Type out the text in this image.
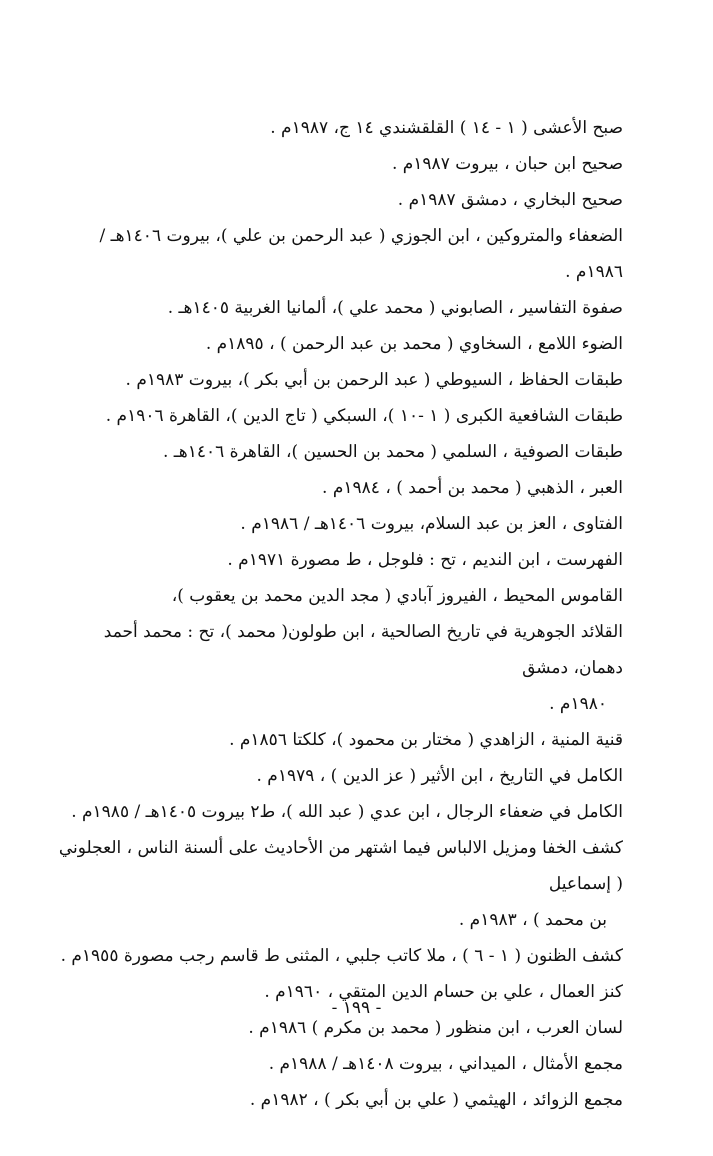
صبح الأعشى ( ١ - ١٤ ) القلقشندي ١٤ ج، ١٩٨٧م .

صحيح ابن حبان ، بيروت ١٩٨٧م .

صحيح البخاري ، دمشق ١٩٨٧م .

الضعفاء والمتروكين ، ابن الجوزي ( عبد الرحمن بن علي )، بيروت ١٤٠٦هـ / ١٩٨٦م .

صفوة التفاسير ، الصابوني ( محمد علي )، ألمانيا الغربية ١٤٠٥هـ .

الضوء اللامع ، السخاوي ( محمد بن عبد الرحمن ) ، ١٨٩٥م .

طبقات الحفاظ ، السيوطي ( عبد الرحمن بن أبي بكر )، بيروت ١٩٨٣م .

طبقات الشافعية الكبرى ( ١ -١٠ )، السبكي ( تاج الدين )، القاهرة ١٩٠٦م .

طبقات الصوفية ، السلمي ( محمد بن الحسين )، القاهرة ١٤٠٦هـ .

العبر ، الذهبي ( محمد بن أحمد ) ، ١٩٨٤م .

الفتاوى ، العز بن عبد السلام، بيروت ١٤٠٦هـ / ١٩٨٦م .

الفهرست ، ابن النديم ، تح : فلوجل ، ط مصورة ١٩٧١م .

القاموس المحيط ، الفيروز آبادي ( مجد الدين محمد بن يعقوب )،

القلائد الجوهرية في تاريخ الصالحية ، ابن طولون( محمد )، تح : محمد أحمد دهمان، دمشق
١٩٨٠م .

قنية المنية ، الزاهدي ( مختار بن محمود )، كلكتا ١٨٥٦م .

الكامل في التاريخ ، ابن الأثير ( عز الدين ) ، ١٩٧٩م .

الكامل في ضعفاء الرجال ، ابن عدي ( عبد الله )، ط٢ بيروت ١٤٠٥هـ / ١٩٨٥م .

كشف الخفا ومزيل الالباس فيما اشتهر من الأحاديث على ألسنة الناس ، العجلوني ( إسماعيل
بن محمد ) ، ١٩٨٣م .

كشف الظنون ( ١ - ٦ ) ، ملا كاتب جلبي ، المثنى ط قاسم رجب مصورة ١٩٥٥م .

كنز العمال ، علي بن حسام الدين المتقي ، ١٩٦٠م .

لسان العرب ، ابن منظور ( محمد بن مكرم ) ١٩٨٦م .

مجمع الأمثال ، الميداني ، بيروت ١٤٠٨هـ / ١٩٨٨م .

مجمع الزوائد ، الهيثمي ( علي بن أبي بكر ) ، ١٩٨٢م .

- ١٩٩ -
